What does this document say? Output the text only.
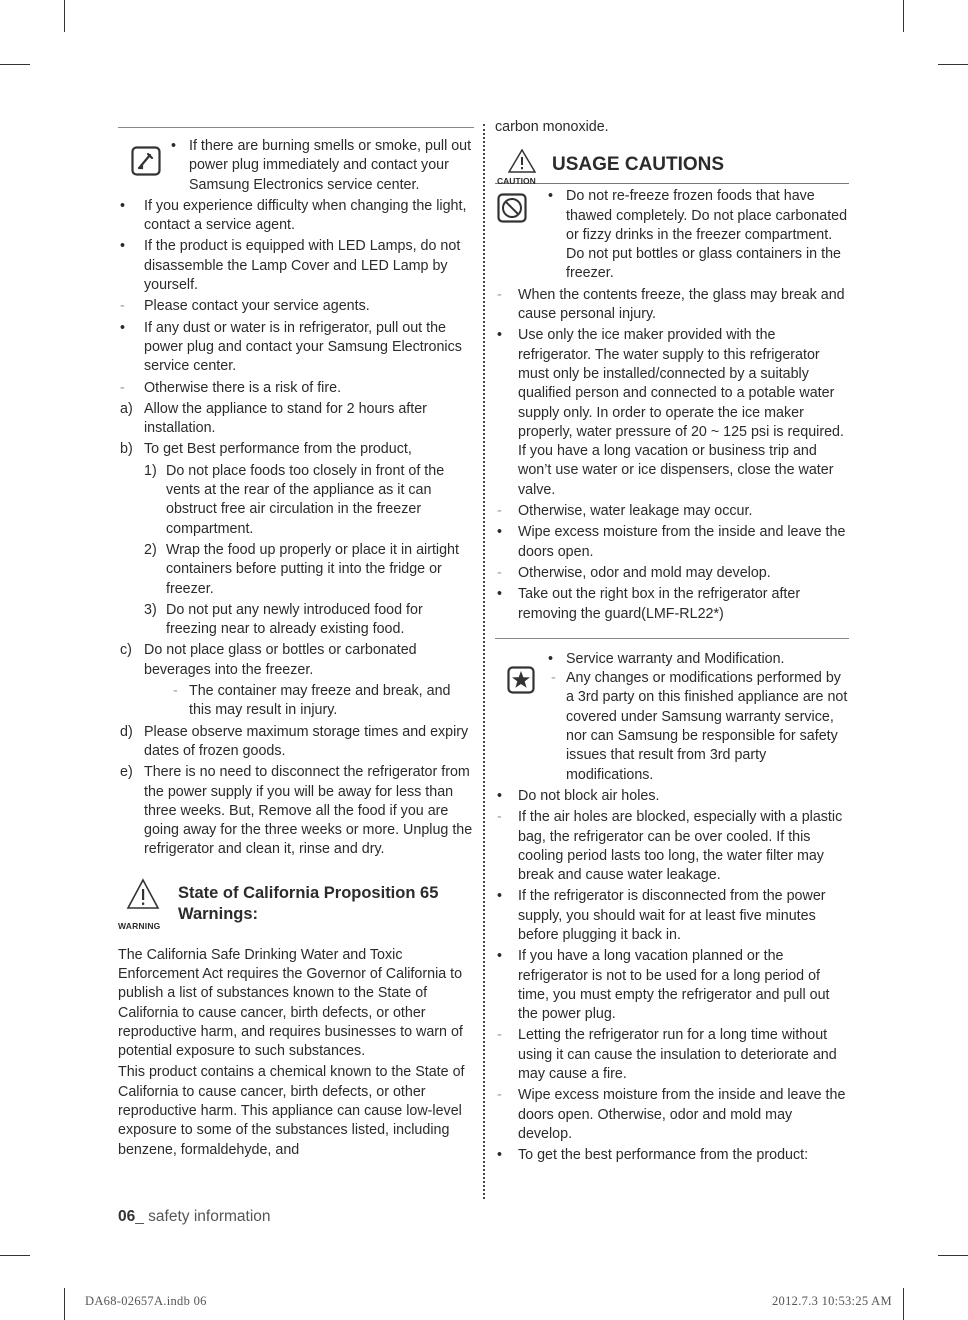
• If there are burning smells or smoke, pull out power plug immediately and contact your Samsung Electronics service center.

• If you experience difficulty when changing the light, contact a service agent.

• If the product is equipped with LED Lamps, do not disassemble the Lamp Cover and LED Lamp by yourself.

- Please contact your service agents.

• If any dust or water is in refrigerator, pull out the power plug and contact your Samsung Electronics service center.

- Otherwise there is a risk of fire.

a) Allow the appliance to stand for 2 hours after installation.

b) To get Best performance from the product,

1) Do not place foods too closely in front of the vents at the rear of the appliance as it can obstruct free air circulation in the freezer compartment.

2) Wrap the food up properly or place it in airtight containers before putting it into the fridge or freezer.

3) Do not put any newly introduced food for freezing near to already existing food.

c) Do not place glass or bottles or carbonated beverages into the freezer.

- The container may freeze and break, and this may result in injury.

d) Please observe maximum storage times and expiry dates of frozen goods.

e) There is no need to disconnect the refrigerator from the power supply if you will be away for less than three weeks. But, Remove all the food if you are going away for the three weeks or more. Unplug the refrigerator and clean it, rinse and dry.

WARNING
State of California Proposition 65 Warnings:

The California Safe Drinking Water and Toxic Enforcement Act requires the Governor of California to publish a list of substances known to the State of California to cause cancer, birth defects, or other reproductive harm, and requires businesses to warn of potential exposure to such substances.

This product contains a chemical known to the State of California to cause cancer, birth defects, or other reproductive harm. This appliance can cause low-level exposure to some of the substances listed, including benzene, formaldehyde, and

carbon monoxide.

CAUTION
USAGE CAUTIONS
• Do not re-freeze frozen foods that have thawed completely. Do not place carbonated or fizzy drinks in the freezer compartment. Do not put bottles or glass containers in the freezer.

- When the contents freeze, the glass may break and cause personal injury.

• Use only the ice maker provided with the refrigerator. The water supply to this refrigerator must only be installed/connected by a suitably qualified person and connected to a potable water supply only. In order to operate the ice maker properly, water pressure of 20 ~ 125 psi is required. If you have a long vacation or business trip and won’t use water or ice dispensers, close the water valve.

- Otherwise, water leakage may occur.

• Wipe excess moisture from the inside and leave the doors open.

- Otherwise, odor and mold may develop.

• Take out the right box in the refrigerator after removing the guard(LMF-RL22*)

• Service warranty and Modification.

- Any changes or modifications performed by a 3rd party on this finished appliance are not covered under Samsung warranty service, nor can Samsung be responsible for safety issues that result from 3rd party modifications.

• Do not block air holes.

- If the air holes are blocked, especially with a plastic bag, the refrigerator can be over cooled. If this cooling period lasts too long, the water filter may break and cause water leakage.

• If the refrigerator is disconnected from the power supply, you should wait for at least five minutes before plugging it back in.

• If you have a long vacation planned or the refrigerator is not to be used for a long period of time, you must empty the refrigerator and pull out the power plug.

- Letting the refrigerator run for a long time without using it can cause the insulation to deteriorate and may cause a fire.

- Wipe excess moisture from the inside and leave the doors open. Otherwise, odor and mold may develop.

• To get the best performance from the product:

06_ safety information
DA68-02657A.indb 06	2012.7.3 10:53:25 AM
